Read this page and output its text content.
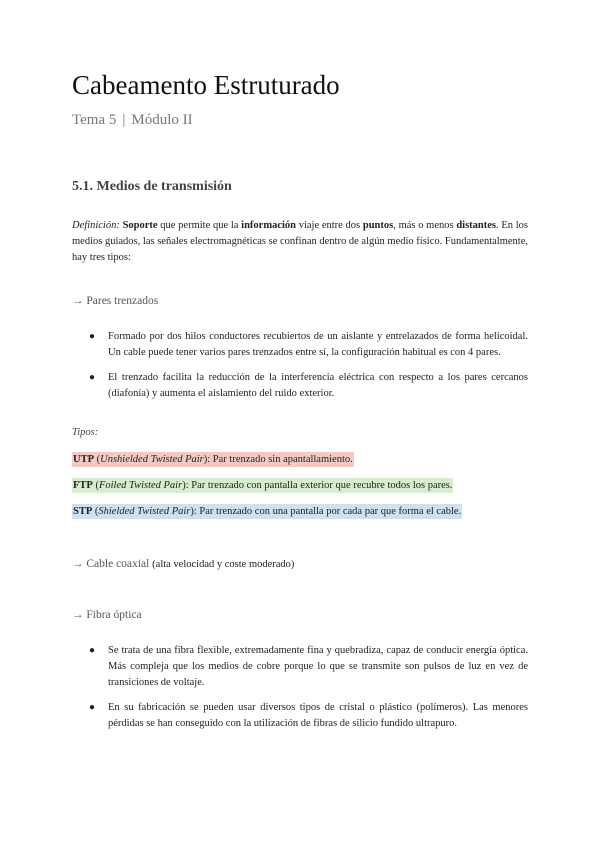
Cabeamento Estruturado
Tema 5 | Módulo II
5.1. Medios de transmisión
Definición: Soporte que permite que la información viaje entre dos puntos, más o menos distantes. En los medios guiados, las señales electromagnéticas se confinan dentro de algún medio físico. Fundamentalmente, hay tres tipos:
→ Pares trenzados
● Formado por dos hilos conductores recubiertos de un aislante y entrelazados de forma helicoidal. Un cable puede tener varios pares trenzados entre sí, la configuración habitual es con 4 pares.
● El trenzado facilita la reducción de la interferencia eléctrica con respecto a los pares cercanos (diafonía) y aumenta el aislamiento del ruido exterior.
Tipos:
UTP (Unshielded Twisted Pair): Par trenzado sin apantallamiento.
FTP (Foiled Twisted Pair): Par trenzado con pantalla exterior que recubre todos los pares.
STP (Shielded Twisted Pair): Par trenzado con una pantalla por cada par que forma el cable.
→ Cable coaxial (alta velocidad y coste moderado)
→ Fibra óptica
● Se trata de una fibra flexible, extremadamente fina y quebradiza, capaz de conducir energía óptica. Más compleja que los medios de cobre porque lo que se transmite son pulsos de luz en vez de transiciones de voltaje.
● En su fabricación se pueden usar diversos tipos de cristal o plástico (polímeros). Las menores pérdidas se han conseguido con la utilización de fibras de silicio fundido ultrapuro.
